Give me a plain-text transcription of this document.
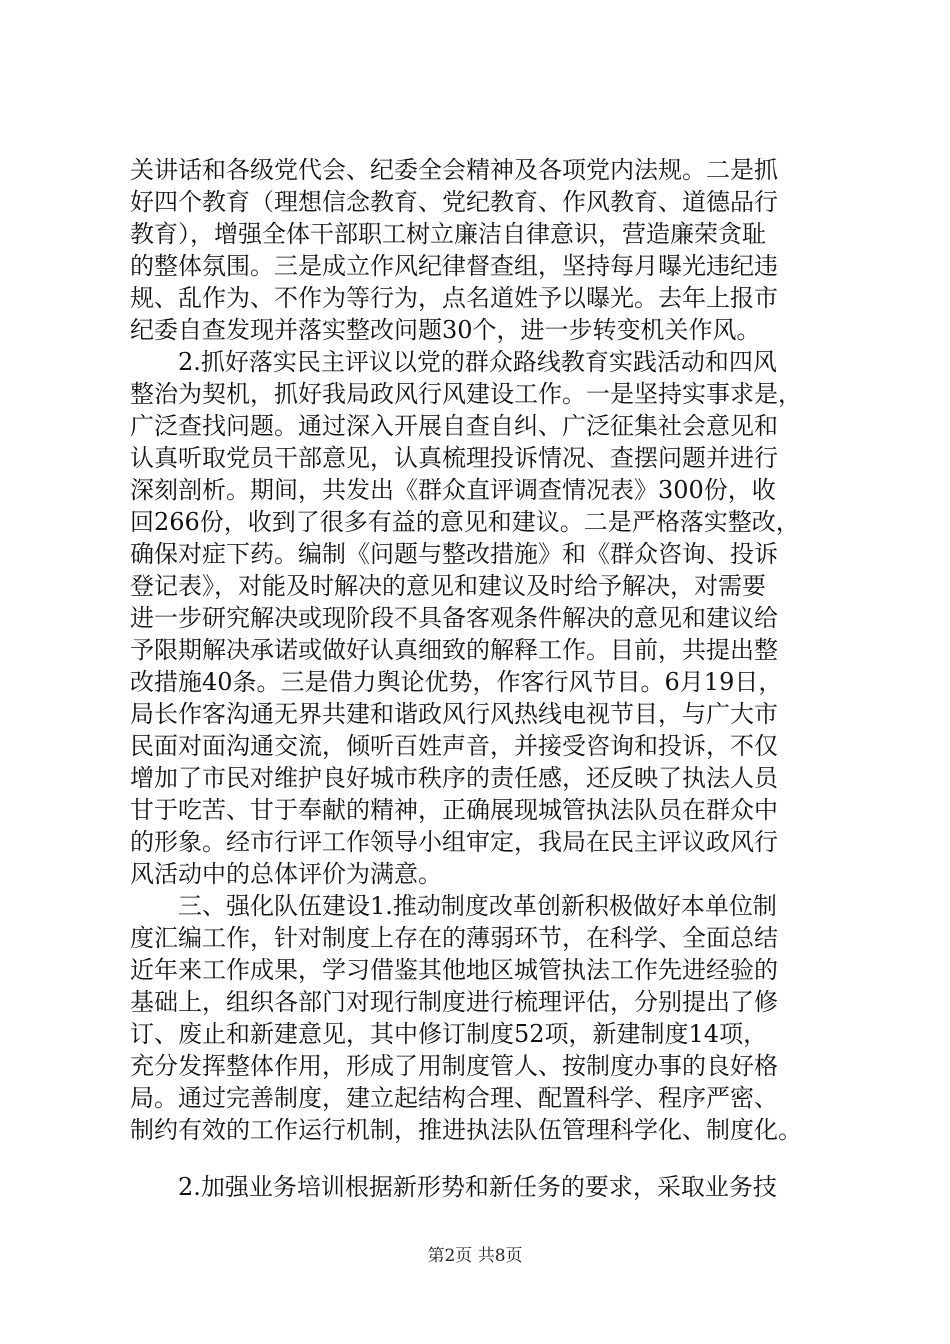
关讲话和各级党代会、纪委全会精神及各项党内法规。二是抓
好四个教育（理想信念教育、党纪教育、作风教育、道德品行
教育），增强全体干部职工树立廉洁自律意识，营造廉荣贪耻
的整体氛围。三是成立作风纪律督查组，坚持每月曝光违纪违
规、乱作为、不作为等行为，点名道姓予以曝光。去年上报市
纪委自查发现并落实整改问题30个，进一步转变机关作风。
　　2.抓好落实民主评议以党的群众路线教育实践活动和四风
整治为契机，抓好我局政风行风建设工作。一是坚持实事求是，
广泛查找问题。通过深入开展自查自纠、广泛征集社会意见和
认真听取党员干部意见，认真梳理投诉情况、查摆问题并进行
深刻剖析。期间，共发出《群众直评调查情况表》300份，收
回266份，收到了很多有益的意见和建议。二是严格落实整改，
确保对症下药。编制《问题与整改措施》和《群众咨询、投诉
登记表》，对能及时解决的意见和建议及时给予解决，对需要
进一步研究解决或现阶段不具备客观条件解决的意见和建议给
予限期解决承诺或做好认真细致的解释工作。目前，共提出整
改措施40条。三是借力舆论优势，作客行风节目。6月19日，
局长作客沟通无界共建和谐政风行风热线电视节目，与广大市
民面对面沟通交流，倾听百姓声音，并接受咨询和投诉，不仅
增加了市民对维护良好城市秩序的责任感，还反映了执法人员
甘于吃苦、甘于奉献的精神，正确展现城管执法队员在群众中
的形象。经市行评工作领导小组审定，我局在民主评议政风行
风活动中的总体评价为满意。
　　三、强化队伍建设1.推动制度改革创新积极做好本单位制
度汇编工作，针对制度上存在的薄弱环节，在科学、全面总结
近年来工作成果，学习借鉴其他地区城管执法工作先进经验的
基础上，组织各部门对现行制度进行梳理评估，分别提出了修
订、废止和新建意见，其中修订制度52项，新建制度14项，
充分发挥整体作用，形成了用制度管人、按制度办事的良好格
局。通过完善制度，建立起结构合理、配置科学、程序严密、
制约有效的工作运行机制，推进执法队伍管理科学化、制度化。
　　2.加强业务培训根据新形势和新任务的要求，采取业务技
第2页 共8页
